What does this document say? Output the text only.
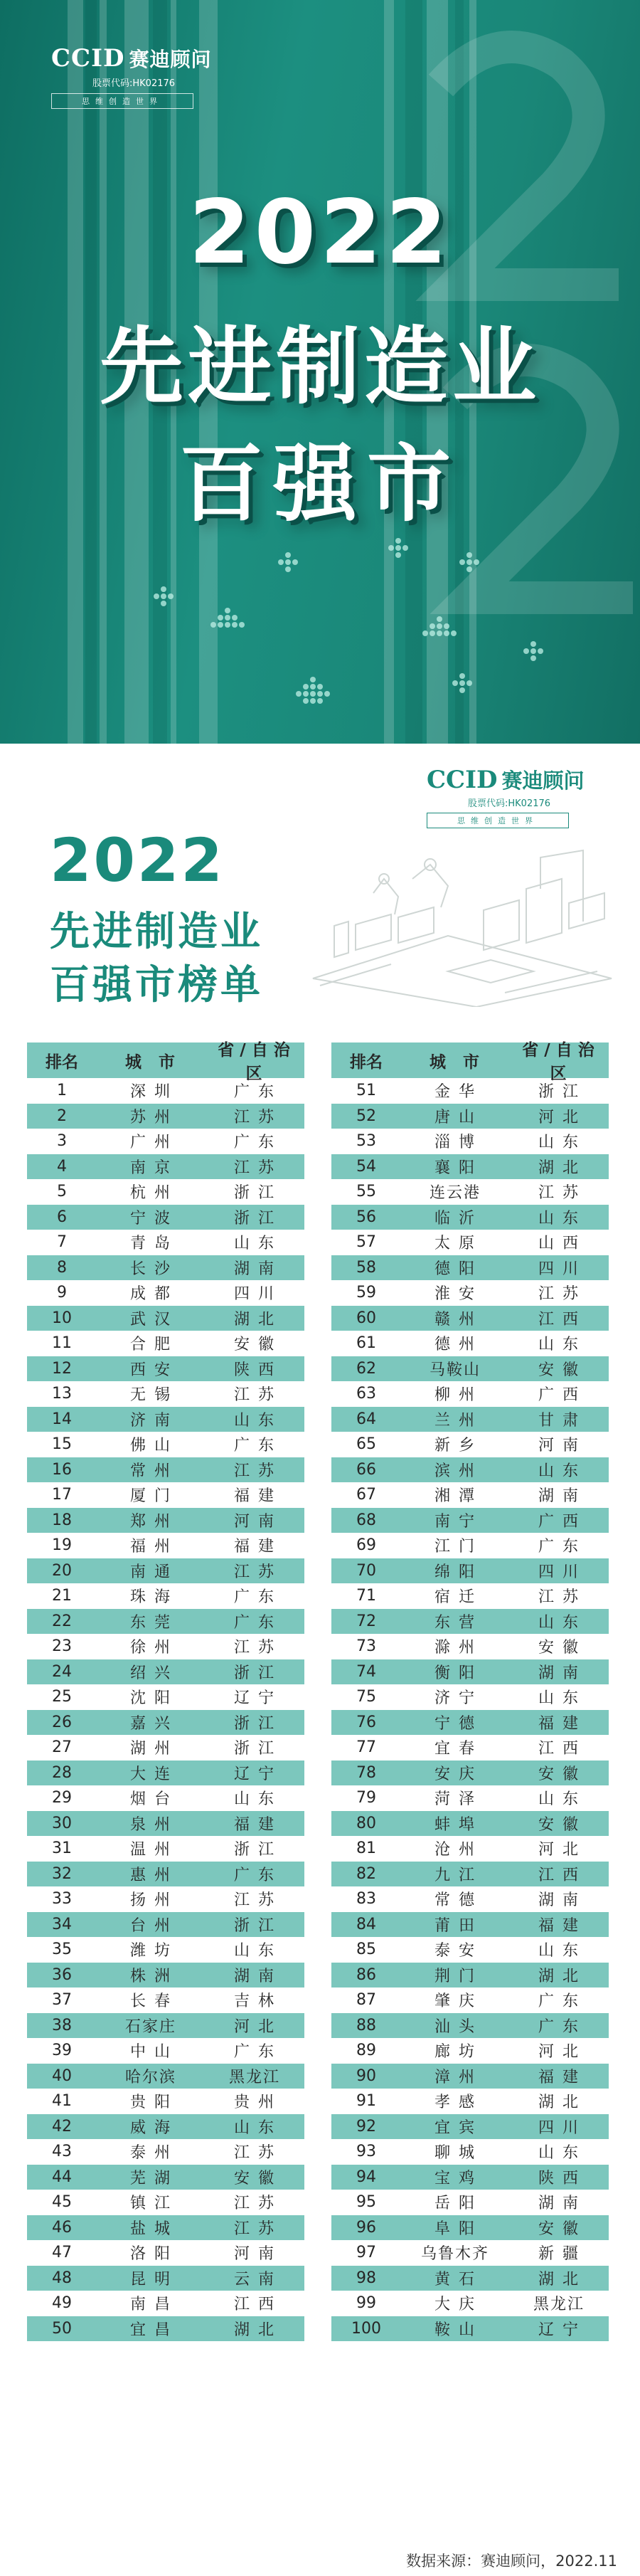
CCID 赛迪顾问
股票代码:HK02176
思维创造世界
2022
先进制造业
百强市
CCID 赛迪顾问
股票代码:HK02176
思维创造世界
2022
先进制造业
百强市榜单
排名	城 市
省/自治区
1	深圳	广东
2	苏州	江苏
3	广州	广东
4	南京	江苏
5	杭州	浙江
6	宁波	浙江
7	青岛	山东
8	长沙	湖南
9	成都	四川
10	武汉	湖北
11	合肥	安徽
12	西安	陕西
13	无锡	江苏
14	济南	山东
15	佛山	广东
16	常州	江苏
17	厦门	福建
18	郑州	河南
19	福州	福建
20	南通	江苏
21	珠海	广东
22	东莞	广东
23	徐州	江苏
24	绍兴	浙江
25	沈阳	辽宁
26	嘉兴	浙江
27	湖州	浙江
28	大连	辽宁
29	烟台	山东
30	泉州	福建
31	温州	浙江
32	惠州	广东
33	扬州	江苏
34	台州	浙江
35	潍坊	山东
36	株洲	湖南
37	长春	吉林
38	石家庄	河北
39	中山	广东
40	哈尔滨	黑龙江
41	贵阳	贵州
42	威海	山东
43	泰州	江苏
44	芜湖	安徽
45	镇江	江苏
46	盐城	江苏
47	洛阳	河南
48	昆明	云南
49	南昌	江西
50	宜昌	湖北
排名	城 市
省/自治区
51	金华	浙江
52	唐山	河北
53	淄博	山东
54	襄阳	湖北
55	连云港	江苏
56	临沂	山东
57	太原	山西
58	德阳	四川
59	淮安	江苏
60	赣州	江西
61	德州	山东
62	马鞍山	安徽
63	柳州	广西
64	兰州	甘肃
65	新乡	河南
66	滨州	山东
67	湘潭	湖南
68	南宁	广西
69	江门	广东
70	绵阳	四川
71	宿迁	江苏
72	东营	山东
73	滁州	安徽
74	衡阳	湖南
75	济宁	山东
76	宁德	福建
77	宜春	江西
78	安庆	安徽
79	菏泽	山东
80	蚌埠	安徽
81	沧州	河北
82	九江	江西
83	常德	湖南
84	莆田	福建
85	泰安	山东
86	荆门	湖北
87	肇庆	广东
88	汕头	广东
89	廊坊	河北
90	漳州	福建
91	孝感	湖北
92	宜宾	四川
93	聊城	山东
94	宝鸡	陕西
95	岳阳	湖南
96	阜阳	安徽
97	乌鲁木齐	新疆
98	黄石	湖北
99	大庆	黑龙江
100	鞍山	辽宁
数据来源：赛迪顾问，2022.11
